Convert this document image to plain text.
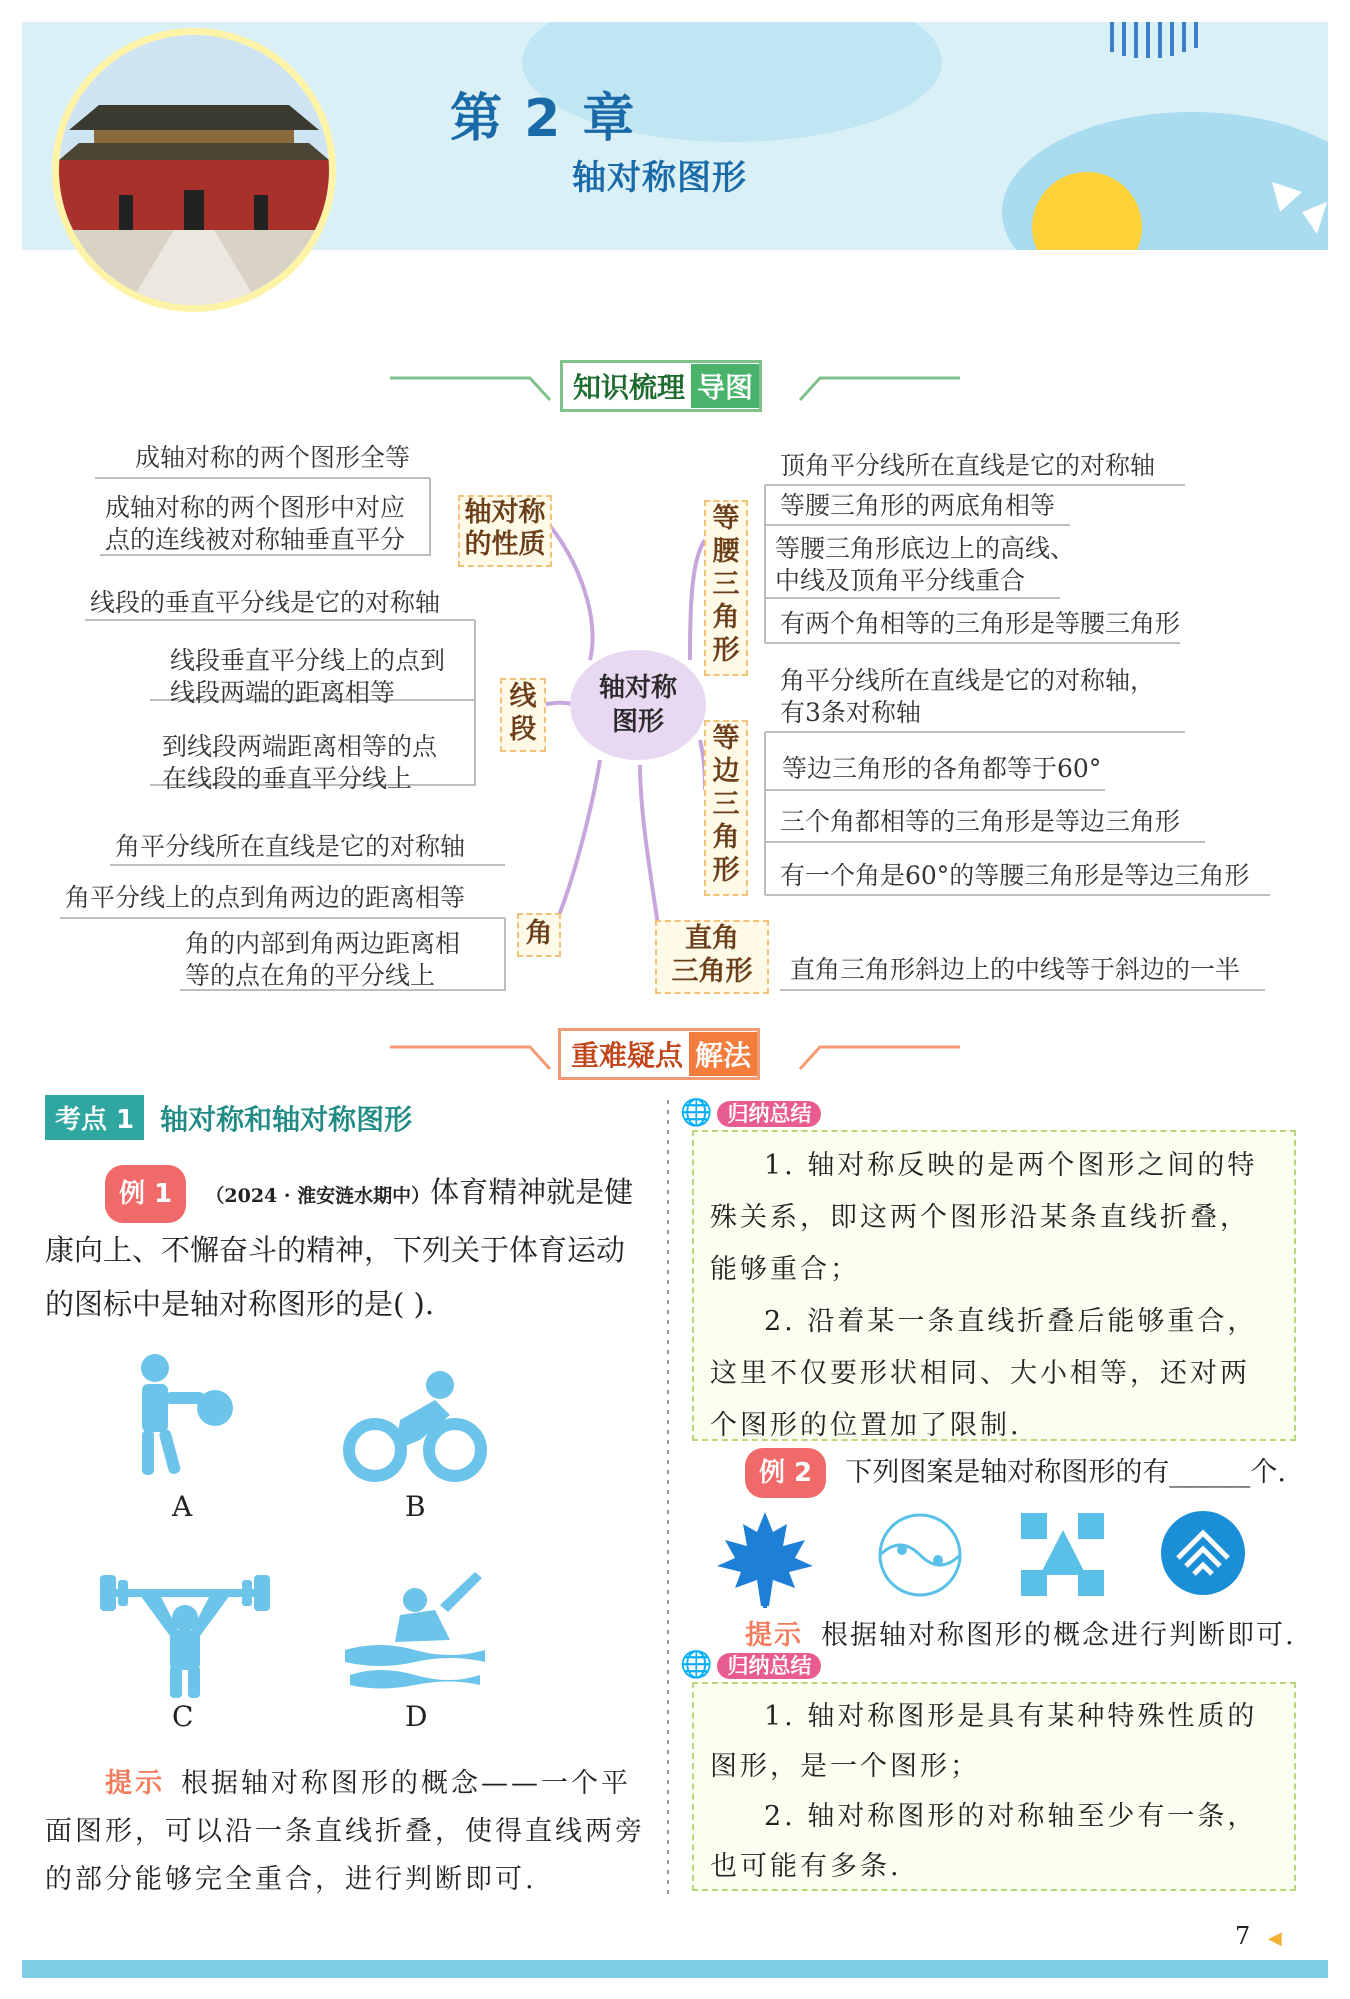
第 2 章
轴对称图形
知识梳理 导图
轴对称
图形
轴对称
的性质
成轴对称的两个图形全等
成轴对称的两个图形中对应
点的连线被对称轴垂直平分
线
段
线段的垂直平分线是它的对称轴
线段垂直平分线上的点到
线段两端的距离相等
到线段两端距离相等的点
在线段的垂直平分线上
角
角平分线所在直线是它的对称轴
角平分线上的点到角两边的距离相等
角的内部到角两边距离相
等的点在角的平分线上
等
腰
三
角
形
顶角平分线所在直线是它的对称轴
等腰三角形的两底角相等
等腰三角形底边上的高线、
中线及顶角平分线重合
有两个角相等的三角形是等腰三角形
等
边
三
角
形
角平分线所在直线是它的对称轴，
有3条对称轴
等边三角形的各角都等于60°
三个角都相等的三角形是等边三角形
有一个角是60°的等腰三角形是等边三角形
直角
三角形	直角三角形斜边上的中线等于斜边的一半
重难疑点 解法
考点 1 轴对称和轴对称图形
例 1 （2024 · 淮安涟水期中）体育精神就是健康向上、不懈奋斗的精神，下列关于体育运动的图标中是轴对称图形的是( ).
A	B
C	D
提示 根据轴对称图形的概念——一个平面图形，可以沿一条直线折叠，使得直线两旁的部分能够完全重合，进行判断即可.
🌐 归纳总结
1. 轴对称反映的是两个图形之间的特殊关系，即这两个图形沿某条直线折叠，能够重合；
2. 沿着某一条直线折叠后能够重合，这里不仅要形状相同、大小相等，还对两个图形的位置加了限制.
例 2 下列图案是轴对称图形的有______个.
提示 根据轴对称图形的概念进行判断即可.
🌐 归纳总结
1. 轴对称图形是具有某种特殊性质的图形，是一个图形；
2. 轴对称图形的对称轴至少有一条，也可能有多条.
7 ◀
